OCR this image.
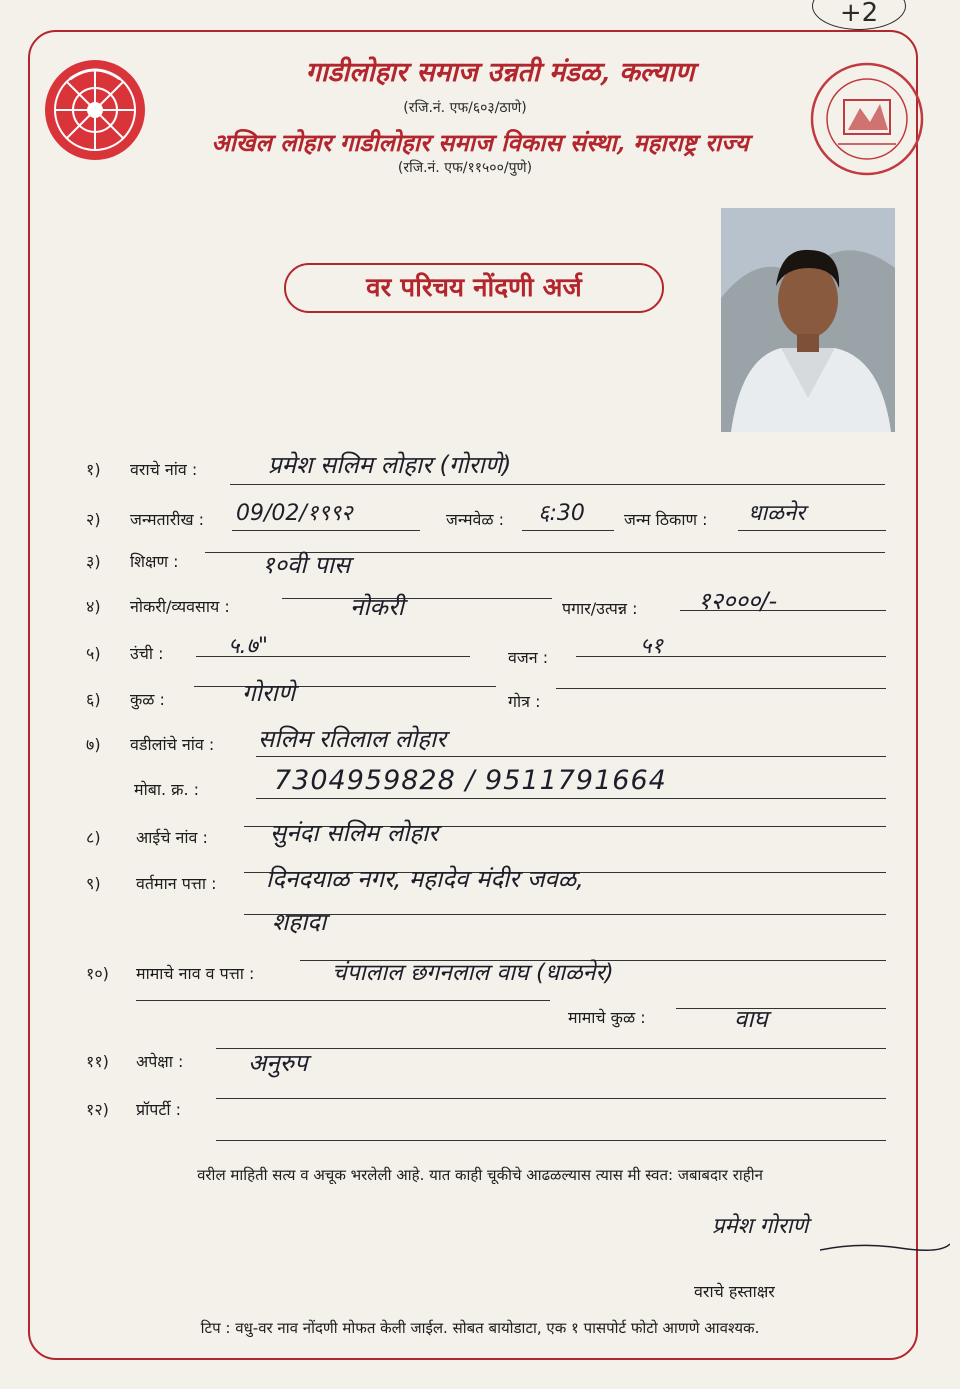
+2
गाडीलोहार समाज उन्नती मंडळ, कल्याण
(रजि.नं. एफ/६०३/ठाणे)
अखिल लोहार गाडीलोहार समाज विकास संस्था, महाराष्ट्र राज्य
(रजि.नं. एफ/११५००/पुणे)
वर परिचय नोंदणी अर्ज
१) वराचे नांव :	प्रमेश सलिम लोहार (गोराणे)
२) जन्मतारीख : 09/02/१९९२	जन्मवेळ : ६:30 जन्म ठिकाण : धाळनेर
३) शिक्षण :	१०वी पास
४) नोकरी/व्यवसाय :	नोकरी	पगार/उत्पन्न :	१२०००/-
५) उंची :	५.७"	वजन :	५१
६) कुळ :	गोराणे	गोत्र :
७) वडीलांचे नांव : सलिम रतिलाल लोहार
मोबा. क्र. :	7304959828 / 9511791664
८) आईचे नांव :	सुनंदा सलिम लोहार
९) वर्तमान पत्ता : दिनदयाळ नगर, महादेव मंदीर जवळ,
शहादा
१०) मामाचे नाव व पत्ता :	चंपालाल छगनलाल वाघ (धाळनेर)
मामाचे कुळ :	वाघ
११) अपेक्षा :	अनुरुप
१२) प्रॉपर्टी :
वरील माहिती सत्य व अचूक भरलेली आहे. यात काही चूकीचे आढळल्यास त्यास मी स्वत: जबाबदार राहीन
प्रमेश गोराणे
वराचे हस्ताक्षर
टिप : वधु-वर नाव नोंदणी मोफत केली जाईल. सोबत बायोडाटा, एक १ पासपोर्ट फोटो आणणे आवश्यक.
